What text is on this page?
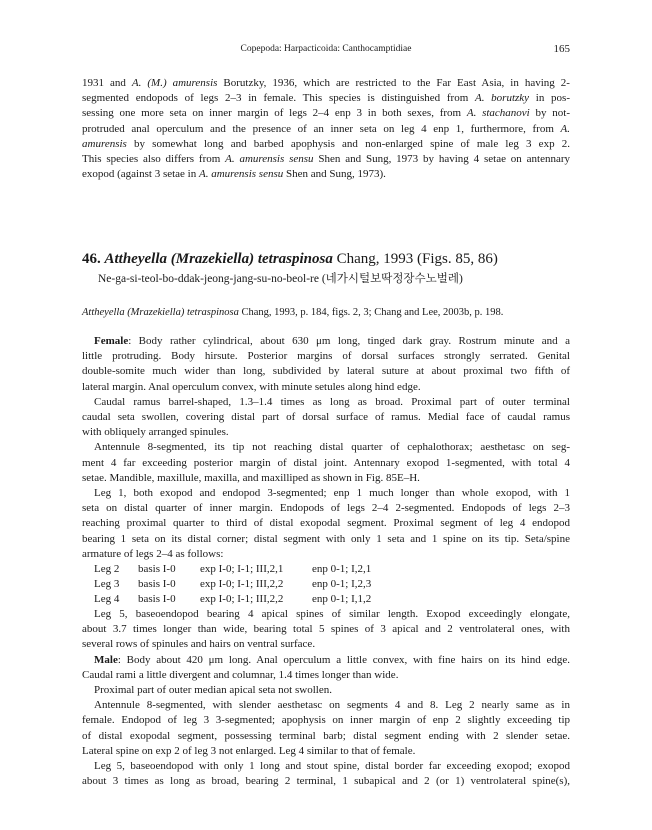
Copepoda: Harpacticoida: Canthocamptidiae	165
1931 and A. (M.) amurensis Borutzky, 1936, which are restricted to the Far East Asia, in having 2-
segmented endopods of legs 2–3 in female. This species is distinguished from A. borutzky in pos-
sessing one more seta on inner margin of legs 2–4 enp 3 in both sexes, from A. stachanovi by not-
protruded anal operculum and the presence of an inner seta on leg 4 enp 1, furthermore, from A.
amurensis by somewhat long and barbed apophysis and non-enlarged spine of male leg 3 exp 2.
This species also differs from A. amurensis sensu Shen and Sung, 1973 by having 4 setae on antennary
exopod (against 3 setae in A. amurensis sensu Shen and Sung, 1973).
46. Attheyella (Mrazekiella) tetraspinosa Chang, 1993 (Figs. 85, 86)
Ne-ga-si-teol-bo-ddak-jeong-jang-su-no-beol-re (네가시털보딱정장수노벌레)
Attheyella (Mrazekiella) tetraspinosa Chang, 1993, p. 184, figs. 2, 3; Chang and Lee, 2003b, p. 198.
Female: Body rather cylindrical, about 630 μm long, tinged dark gray. Rostrum minute and a
little protruding. Body hirsute. Posterior margins of dorsal surfaces strongly serrated. Genital
double-somite much wider than long, subdivided by lateral suture at about proximal two fifth of
lateral margin. Anal operculum convex, with minute setules along hind edge.
Caudal ramus barrel-shaped, 1.3–1.4 times as long as broad. Proximal part of outer terminal
caudal seta swollen, covering distal part of dorsal surface of ramus. Medial face of caudal ramus
with obliquely arranged spinules.
Antennule 8-segmented, its tip not reaching distal quarter of cephalothorax; aesthetasc on seg-
ment 4 far exceeding posterior margin of distal joint. Antennary exopod 1-segmented, with total 4
setae. Mandible, maxillule, maxilla, and maxilliped as shown in Fig. 85E–H.
Leg 1, both exopod and endopod 3-segmented; enp 1 much longer than whole exopod, with 1
seta on distal quarter of inner margin. Endopods of legs 2–4 2-segmented. Endopods of legs 2–3
reaching proximal quarter to third of distal exopodal segment. Proximal segment of leg 4 endopod
bearing 1 seta on its distal corner; distal segment with only 1 seta and 1 spine on its tip. Seta/spine
armature of legs 2–4 as follows:
Leg 2	basis I-0	exp I-0; I-1; III,2,1	enp 0-1; I,2,1
Leg 3	basis I-0	exp I-0; I-1; III,2,2	enp 0-1; I,2,3
Leg 4	basis I-0	exp I-0; I-1; III,2,2	enp 0-1; I,1,2
Leg 5, baseoendopod bearing 4 apical spines of similar length. Exopod exceedingly elongate,
about 3.7 times longer than wide, bearing total 5 spines of 3 apical and 2 ventrolateral ones, with
several rows of spinules and hairs on ventral surface.
Male: Body about 420 μm long. Anal operculum a little convex, with fine hairs on its hind edge.
Caudal rami a little divergent and columnar, 1.4 times longer than wide.
Proximal part of outer median apical seta not swollen.
Antennule 8-segmented, with slender aesthetasc on segments 4 and 8. Leg 2 nearly same as in
female. Endopod of leg 3 3-segmented; apophysis on inner margin of enp 2 slightly exceeding tip
of distal exopodal segment, possessing terminal barb; distal segment ending with 2 slender setae.
Lateral spine on exp 2 of leg 3 not enlarged. Leg 4 similar to that of female.
Leg 5, baseoendopod with only 1 long and stout spine, distal border far exceeding exopod; exopod
about 3 times as long as broad, bearing 2 terminal, 1 subapical and 2 (or 1) ventrolateral spine(s),
